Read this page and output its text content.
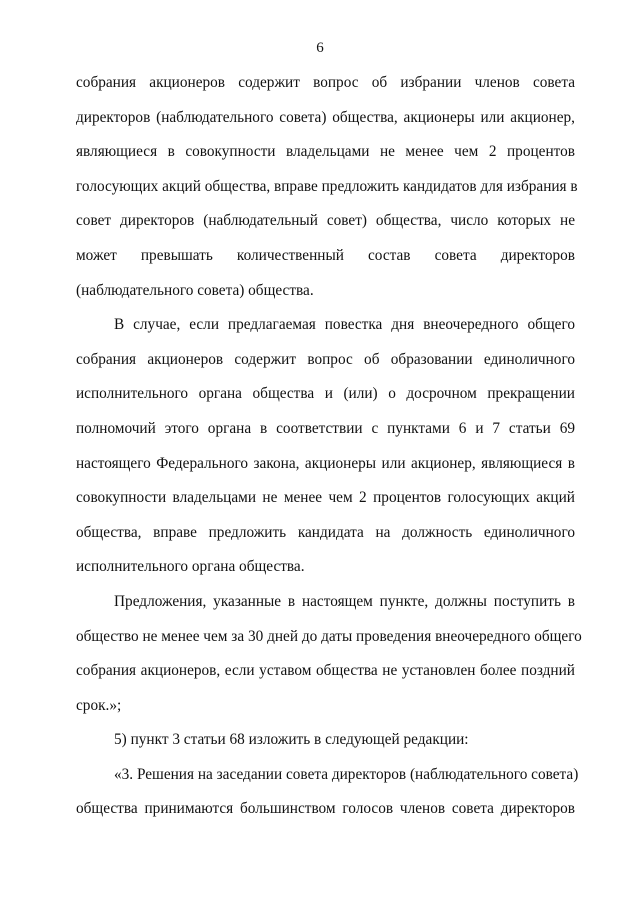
6

собрания акционеров содержит вопрос об избрании членов совета
директоров (наблюдательного совета) общества, акционеры или акционер,
являющиеся в совокупности владельцами не менее чем 2 процентов
голосующих акций общества, вправе предложить кандидатов для избрания в
совет директоров (наблюдательный совет) общества, число которых не
может превышать количественный состав совета директоров
(наблюдательного совета) общества.

В случае, если предлагаемая повестка дня внеочередного общего
собрания акционеров содержит вопрос об образовании единоличного
исполнительного органа общества и (или) о досрочном прекращении
полномочий этого органа в соответствии с пунктами 6 и 7 статьи 69
настоящего Федерального закона, акционеры или акционер, являющиеся в
совокупности владельцами не менее чем 2 процентов голосующих акций
общества, вправе предложить кандидата на должность единоличного
исполнительного органа общества.

Предложения, указанные в настоящем пункте, должны поступить в
общество не менее чем за 30 дней до даты проведения внеочередного общего
собрания акционеров, если уставом общества не установлен более поздний
срок.»;

5) пункт 3 статьи 68 изложить в следующей редакции:

«3. Решения на заседании совета директоров (наблюдательного совета)
общества принимаются большинством голосов членов совета директоров
